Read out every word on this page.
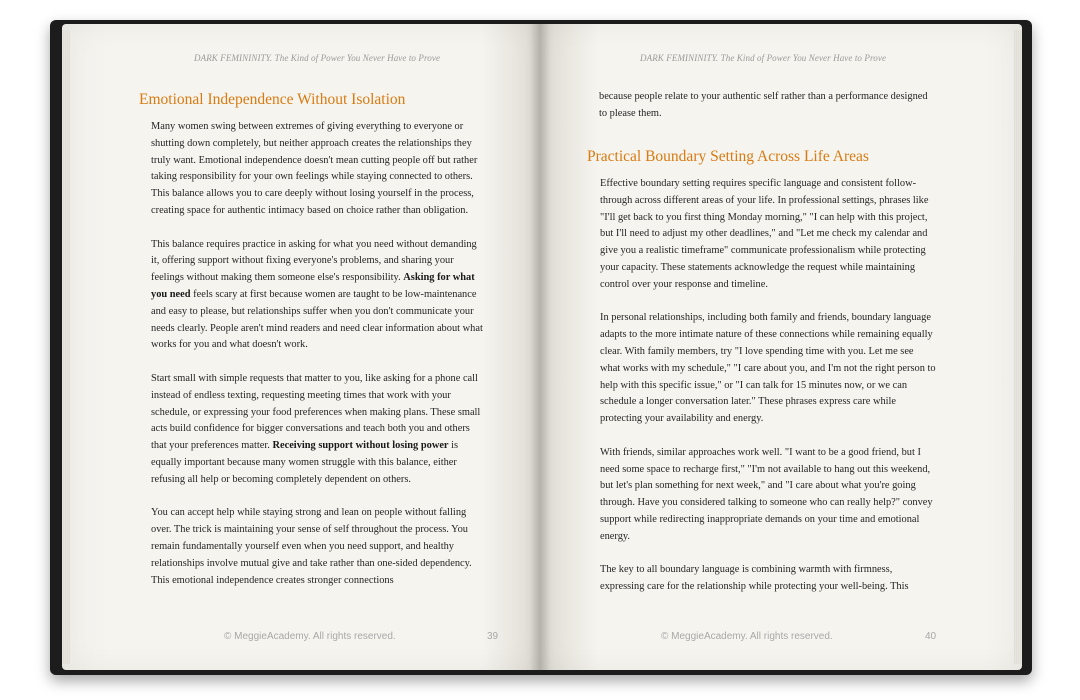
DARK FEMININITY. The Kind of Power You Never Have to Prove
Emotional Independence Without Isolation

Many women swing between extremes of giving everything to everyone or shutting down completely, but neither approach creates the relationships they truly want. Emotional independence doesn't mean cutting people off but rather taking responsibility for your own feelings while staying connected to others. This balance allows you to care deeply without losing yourself in the process, creating space for authentic intimacy based on choice rather than obligation.

This balance requires practice in asking for what you need without demanding it, offering support without fixing everyone's problems, and sharing your feelings without making them someone else's responsibility. Asking for what you need feels scary at first because women are taught to be low-maintenance and easy to please, but relationships suffer when you don't communicate your needs clearly. People aren't mind readers and need clear information about what works for you and what doesn't work.

Start small with simple requests that matter to you, like asking for a phone call instead of endless texting, requesting meeting times that work with your schedule, or expressing your food preferences when making plans. These small acts build confidence for bigger conversations and teach both you and others that your preferences matter. Receiving support without losing power is equally important because many women struggle with this balance, either refusing all help or becoming completely dependent on others.

You can accept help while staying strong and lean on people without falling over. The trick is maintaining your sense of self throughout the process. You remain fundamentally yourself even when you need support, and healthy relationships involve mutual give and take rather than one-sided dependency. This emotional independence creates stronger connections

© MeggieAcademy. All rights reserved.	39
DARK FEMININITY. The Kind of Power You Never Have to Prove

because people relate to your authentic self rather than a performance designed to please them.

Practical Boundary Setting Across Life Areas

Effective boundary setting requires specific language and consistent follow-through across different areas of your life. In professional settings, phrases like "I'll get back to you first thing Monday morning," "I can help with this project, but I'll need to adjust my other deadlines," and "Let me check my calendar and give you a realistic timeframe" communicate professionalism while protecting your capacity. These statements acknowledge the request while maintaining control over your response and timeline.

In personal relationships, including both family and friends, boundary language adapts to the more intimate nature of these connections while remaining equally clear. With family members, try "I love spending time with you. Let me see what works with my schedule," "I care about you, and I'm not the right person to help with this specific issue," or "I can talk for 15 minutes now, or we can schedule a longer conversation later." These phrases express care while protecting your availability and energy.

With friends, similar approaches work well. "I want to be a good friend, but I need some space to recharge first," "I'm not available to hang out this weekend, but let's plan something for next week," and "I care about what you're going through. Have you considered talking to someone who can really help?" convey support while redirecting inappropriate demands on your time and emotional energy.

The key to all boundary language is combining warmth with firmness, expressing care for the relationship while protecting your well-being. This

© MeggieAcademy. All rights reserved.	40
